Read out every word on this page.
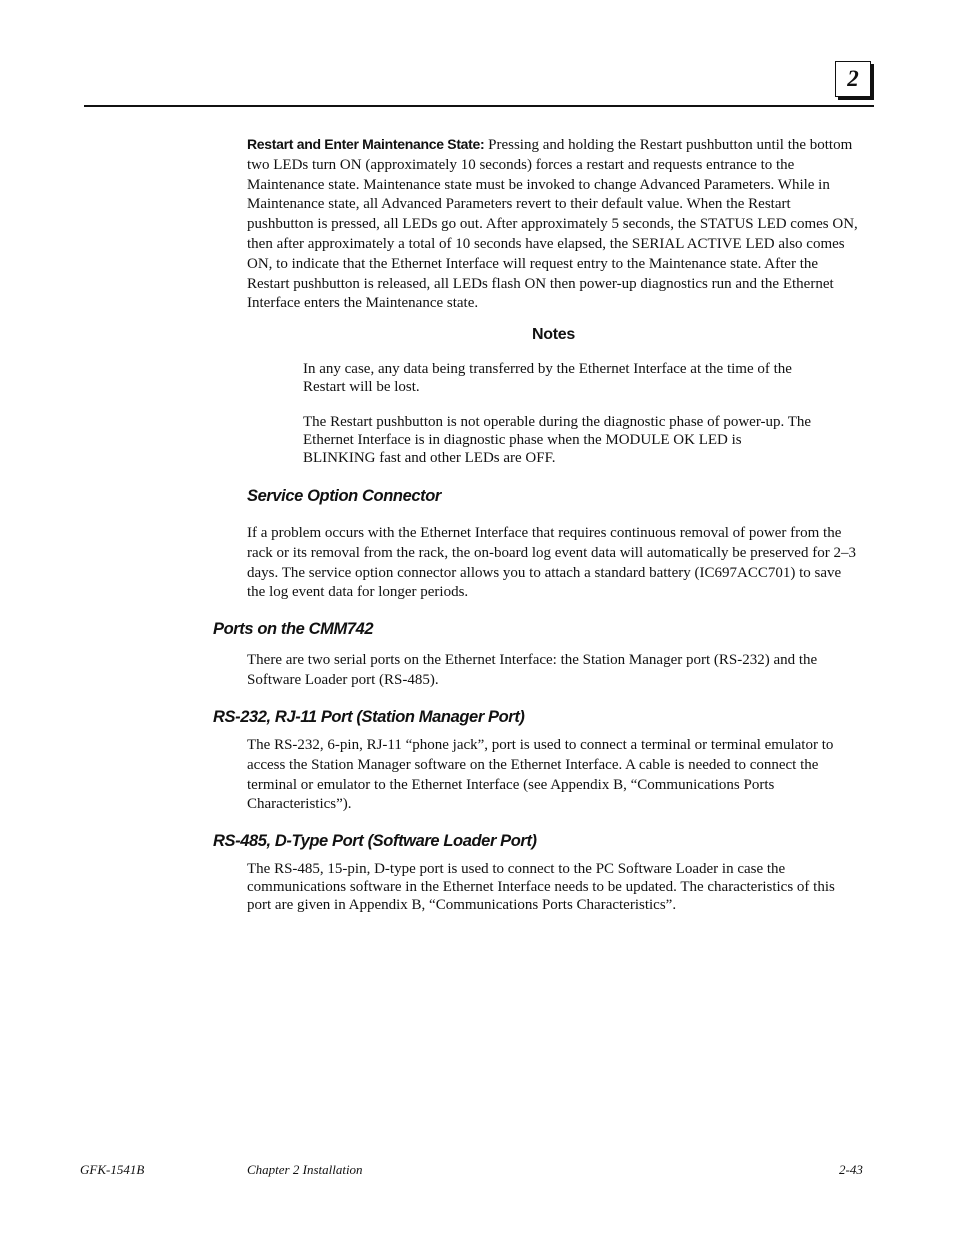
2
Restart and Enter Maintenance State: Pressing and holding the Restart pushbutton until the bottom two LEDs turn ON (approximately 10 seconds) forces a restart and requests entrance to the Maintenance state. Maintenance state must be invoked to change Advanced Parameters. While in Maintenance state, all Advanced Parameters revert to their default value. When the Restart pushbutton is pressed, all LEDs go out. After approximately 5 seconds, the STATUS LED comes ON, then after approximately a total of 10 seconds have elapsed, the SERIAL ACTIVE LED also comes ON, to indicate that the Ethernet Interface will request entry to the Maintenance state. After the Restart pushbutton is released, all LEDs flash ON then power-up diagnostics run and the Ethernet Interface enters the Maintenance state.
Notes
In any case, any data being transferred by the Ethernet Interface at the time of the Restart will be lost.
The Restart pushbutton is not operable during the diagnostic phase of power-up. The Ethernet Interface is in diagnostic phase when the MODULE OK LED is BLINKING fast and other LEDs are OFF.
Service Option Connector
If a problem occurs with the Ethernet Interface that requires continuous removal of power from the rack or its removal from the rack, the on-board log event data will automatically be preserved for 2–3 days. The service option connector allows you to attach a standard battery (IC697ACC701) to save the log event data for longer periods.
Ports on the CMM742
There are two serial ports on the Ethernet Interface: the Station Manager port (RS-232) and the Software Loader port (RS-485).
RS-232, RJ-11 Port (Station Manager Port)
The RS-232, 6-pin, RJ-11 “phone jack”, port is used to connect a terminal or terminal emulator to access the Station Manager software on the Ethernet Interface. A cable is needed to connect the terminal or emulator to the Ethernet Interface (see Appendix B, “Communications Ports Characteristics”).
RS-485, D-Type Port (Software Loader Port)
The RS-485, 15-pin, D-type port is used to connect to the PC Software Loader in case the communications software in the Ethernet Interface needs to be updated. The characteristics of this port are given in Appendix B, “Communications Ports Characteristics”.
GFK-1541B	Chapter 2 Installation	2-43
